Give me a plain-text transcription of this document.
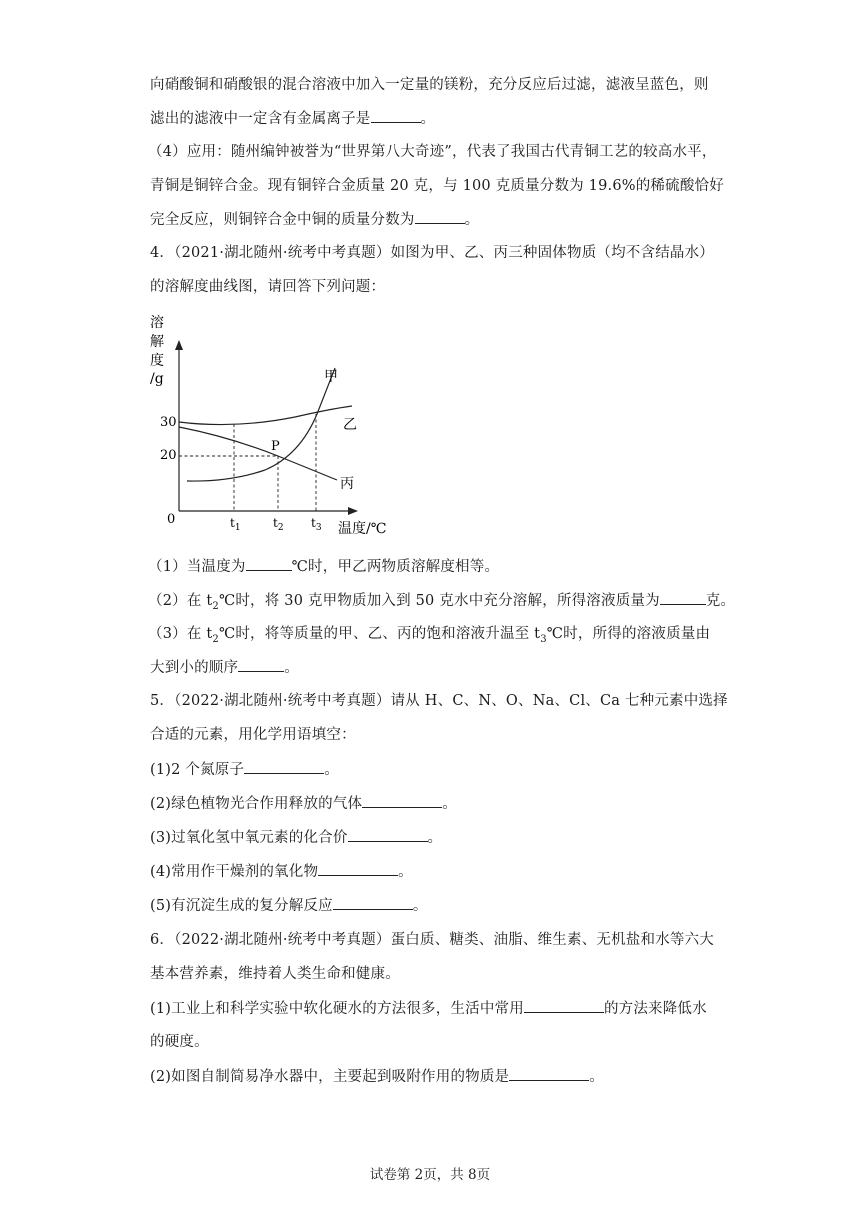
向硝酸铜和硝酸银的混合溶液中加入一定量的镁粉，充分反应后过滤，滤液呈蓝色，则
滤出的滤液中一定含有金属离子是	。
（4）应用：随州编钟被誉为“世界第八大奇迹”，代表了我国古代青铜工艺的较高水平，
青铜是铜锌合金。现有铜锌合金质量 20 克，与 100 克质量分数为 19.6%的稀硫酸恰好
完全反应，则铜锌合金中铜的质量分数为	。
4．（2021·湖北随州·统考中考真题）如图为甲、乙、丙三种固体物质（均不含结晶水）
的溶解度曲线图，请回答下列问题：
溶
解
度
/g
30
20
0	$t_1$	$t_2$ $t_3$ 温度/℃
P
甲
乙
丙
（1）当温度为	℃时，甲乙两物质溶解度相等。
（2）在 $t_2℃$时，将 30 克甲物质加入到 50 克水中充分溶解，所得溶液质量为	克。
（3）在 $t_2℃$时，将等质量的甲、乙、丙的饱和溶液升温至 $t_3℃$时，所得的溶液质量由
大到小的顺序	。
5．（2022·湖北随州·统考中考真题）请从 H、C、N、O、Na、Cl、Ca 七种元素中选择
合适的元素，用化学用语填空：
(1)2 个氮原子	。
(2)绿色植物光合作用释放的气体	。
(3)过氧化氢中氧元素的化合价	。
(4)常用作干燥剂的氧化物	。
(5)有沉淀生成的复分解反应	。
6．（2022·湖北随州·统考中考真题）蛋白质、糖类、油脂、维生素、无机盐和水等六大
基本营养素，维持着人类生命和健康。
(1)工业上和科学实验中软化硬水的方法很多，生活中常用	的方法来降低水
的硬度。
(2)如图自制简易净水器中，主要起到吸附作用的物质是	。
试卷第 2页，共 8页
